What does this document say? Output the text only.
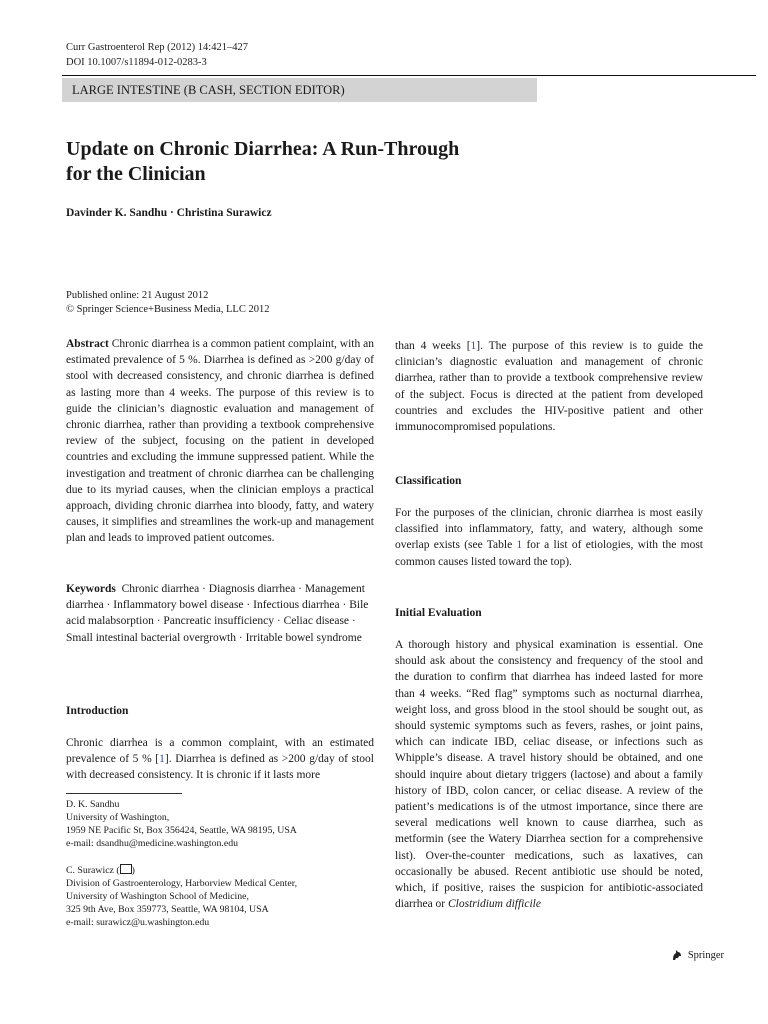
Curr Gastroenterol Rep (2012) 14:421–427
DOI 10.1007/s11894-012-0283-3
LARGE INTESTINE (B CASH, SECTION EDITOR)
Update on Chronic Diarrhea: A Run-Through
for the Clinician
Davinder K. Sandhu · Christina Surawicz
Published online: 21 August 2012
© Springer Science+Business Media, LLC 2012

Abstract Chronic diarrhea is a common patient complaint, with an estimated prevalence of 5 %. Diarrhea is defined as >200 g/day of stool with decreased consistency, and chronic diarrhea is defined as lasting more than 4 weeks. The purpose of this review is to guide the clinician’s diagnostic evaluation and management of chronic diarrhea, rather than providing a textbook comprehensive review of the subject, focusing on the patient in developed countries and excluding the immune suppressed patient. While the investigation and treatment of chronic diarrhea can be challenging due to its myriad causes, when the clinician employs a practical approach, dividing chronic diarrhea into bloody, fatty, and watery causes, it simplifies and streamlines the work-up and management plan and leads to improved patient outcomes.

Keywords Chronic diarrhea · Diagnosis diarrhea · Management diarrhea · Inflammatory bowel disease · Infectious diarrhea · Bile acid malabsorption · Pancreatic insufficiency · Celiac disease · Small intestinal bacterial overgrowth · Irritable bowel syndrome

Introduction

Chronic diarrhea is a common complaint, with an estimated prevalence of 5 % [1]. Diarrhea is defined as >200 g/day of stool with decreased consistency. It is chronic if it lasts more

D. K. Sandhu
University of Washington,
1959 NE Pacific St, Box 356424, Seattle, WA 98195, USA
e-mail: dsandhu@medicine.washington.edu
C. Surawicz ( )
Division of Gastroenterology, Harborview Medical Center,
University of Washington School of Medicine,
325 9th Ave, Box 359773, Seattle, WA 98104, USA
e-mail: surawicz@u.washington.edu

than 4 weeks [1]. The purpose of this review is to guide the clinician’s diagnostic evaluation and management of chronic diarrhea, rather than to provide a textbook comprehensive review of the subject. Focus is directed at the patient from developed countries and excludes the HIV-positive patient and other immunocompromised populations.

Classification

For the purposes of the clinician, chronic diarrhea is most easily classified into inflammatory, fatty, and watery, although some overlap exists (see Table 1 for a list of etiologies, with the most common causes listed toward the top).

Initial Evaluation

A thorough history and physical examination is essential. One should ask about the consistency and frequency of the stool and the duration to confirm that diarrhea has indeed lasted for more than 4 weeks. “Red flag” symptoms such as nocturnal diarrhea, weight loss, and gross blood in the stool should be sought out, as should systemic symptoms such as fevers, rashes, or joint pains, which can indicate IBD, celiac disease, or infections such as Whipple’s disease. A travel history should be obtained, and one should inquire about dietary triggers (lactose) and about a family history of IBD, colon cancer, or celiac disease. A review of the patient’s medications is of the utmost importance, since there are several medications well known to cause diarrhea, such as metformin (see the Watery Diarrhea section for a comprehensive list). Over-the-counter medications, such as laxatives, can occasionally be abused. Recent antibiotic use should be noted, which, if positive, raises the suspicion for antibiotic-associated diarrhea or Clostridium difficile

Springer
